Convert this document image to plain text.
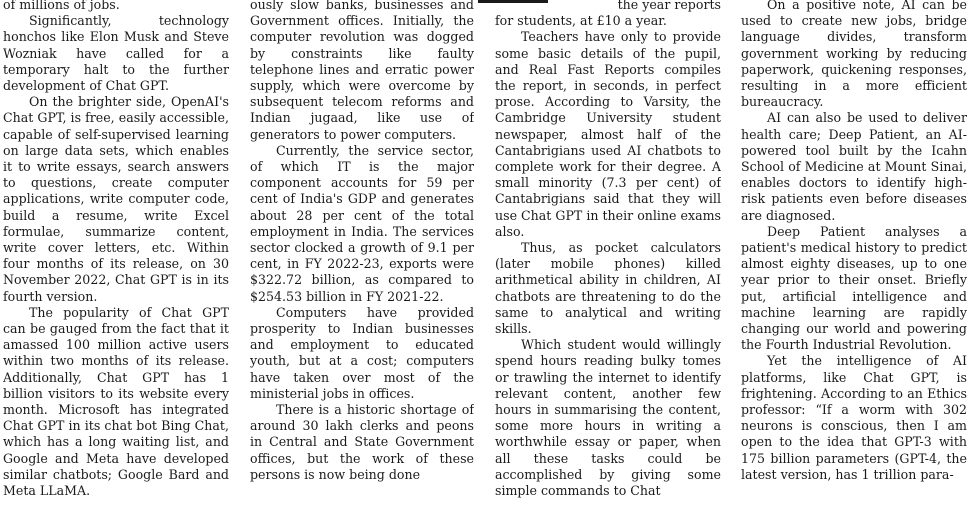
of millions of jobs.

Significantly, technology honchos like Elon Musk and Steve Wozniak have called for a temporary halt to the further development of Chat GPT.

On the brighter side, OpenAI's Chat GPT, is free, easily accessible, capable of self-supervised learning on large data sets, which enables it to write essays, search answers to questions, create computer applications, write computer code, build a resume, write Excel formulae, summarize content, write cover letters, etc. Within four months of its release, on 30 November 2022, Chat GPT is in its fourth version.

The popularity of Chat GPT can be gauged from the fact that it amassed 100 million active users within two months of its release. Additionally, Chat GPT has 1 billion visitors to its website every month. Microsoft has integrated Chat GPT in its chat bot Bing Chat, which has a long waiting list, and Google and Meta have developed similar chatbots; Google Bard and Meta LLaMA.

ously slow banks, businesses and Government offices. Initially, the computer revolution was dogged by constraints like faulty telephone lines and erratic power supply, which were overcome by subsequent telecom reforms and Indian jugaad, like use of generators to power computers.

Currently, the service sector, of which IT is the major component accounts for 59 per cent of India's GDP and generates about 28 per cent of the total employment in India. The services sector clocked a growth of 9.1 per cent, in FY 2022-23, exports were $322.72 billion, as compared to $254.53 billion in FY 2021-22.

Computers have provided prosperity to Indian businesses and employment to educated youth, but at a cost; computers have taken over most of the ministerial jobs in offices.

There is a historic shortage of around 30 lakh clerks and peons in Central and State Government offices, but the work of these persons is now being done

the year reports

for students, at £10 a year.

Teachers have only to provide some basic details of the pupil, and Real Fast Reports compiles the report, in seconds, in perfect prose. According to Varsity, the Cambridge University student newspaper, almost half of the Cantabrigians used AI chatbots to complete work for their degree. A small minority (7.3 per cent) of Cantabrigians said that they will use Chat GPT in their online exams also.

Thus, as pocket calculators (later mobile phones) killed arithmetical ability in children, AI chatbots are threatening to do the same to analytical and writing skills.

Which student would willingly spend hours reading bulky tomes or trawling the internet to identify relevant content, another few hours in summarising the content, some more hours in writing a worthwhile essay or paper, when all these tasks could be accomplished by giving some simple commands to Chat

On a positive note, AI can be used to create new jobs, bridge language divides, transform government working by reducing paperwork, quickening responses, resulting in a more efficient bureaucracy.

AI can also be used to deliver health care; Deep Patient, an AI-powered tool built by the Icahn School of Medicine at Mount Sinai, enables doctors to identify high-risk patients even before diseases are diagnosed.

Deep Patient analyses a patient's medical history to predict almost eighty diseases, up to one year prior to their onset. Briefly put, artificial intelligence and machine learning are rapidly changing our world and powering the Fourth Industrial Revolution.

Yet the intelligence of AI platforms, like Chat GPT, is frightening. According to an Ethics professor: “If a worm with 302 neurons is conscious, then I am open to the idea that GPT-3 with 175 billion parameters (GPT-4, the latest version, has 1 trillion para-
